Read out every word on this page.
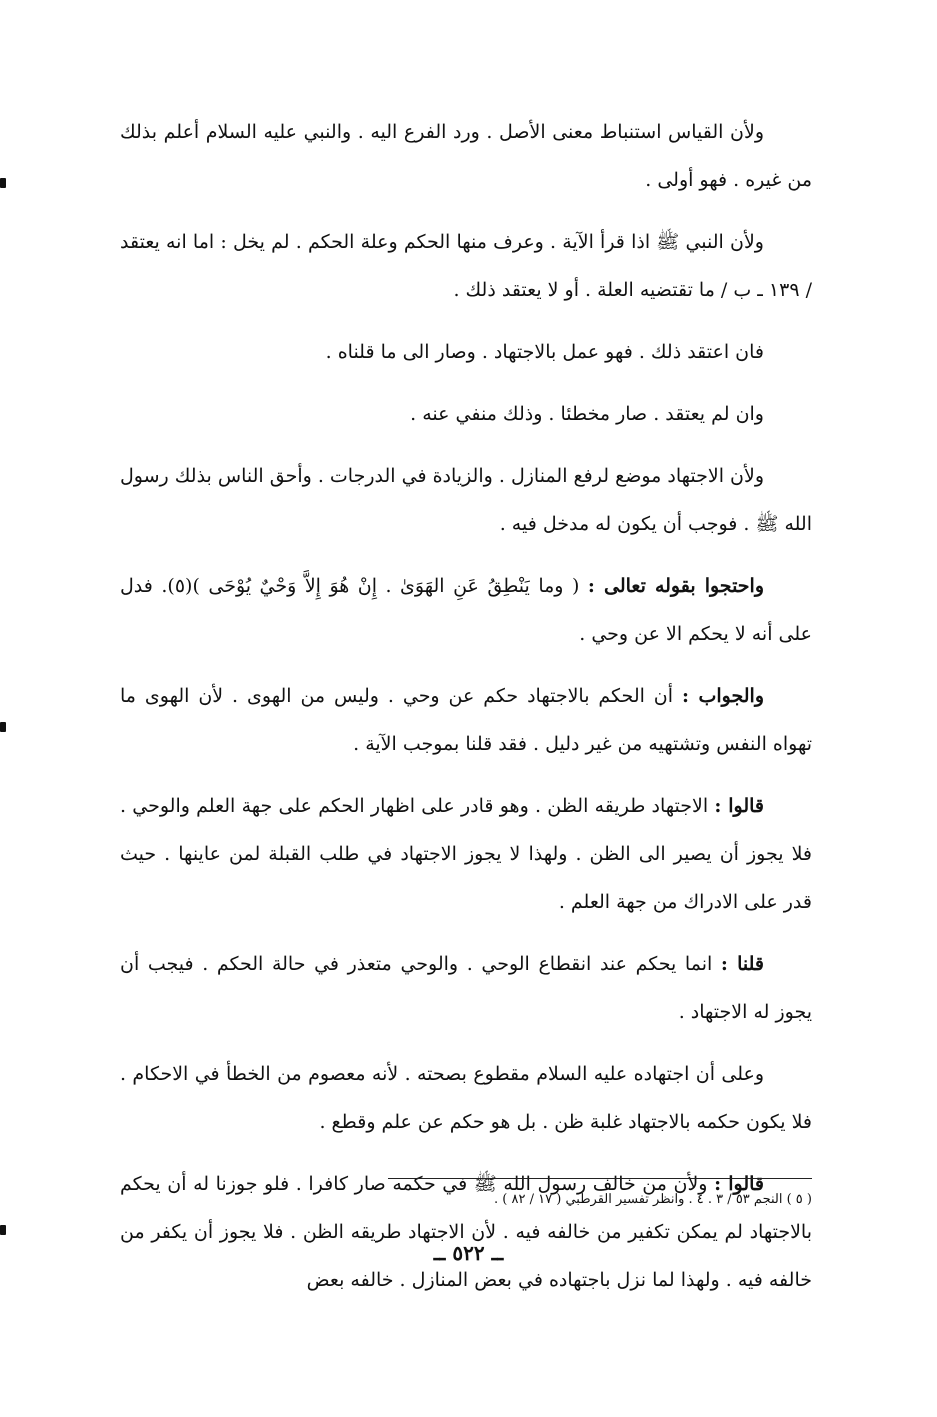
ولأن القياس استنباط معنى الأصل . ورد الفرع اليه . والنبي عليه السلام أعلم بذلك من غيره . فهو أولى .

ولأن النبي ﷺ اذا قرأ الآية . وعرف منها الحكم وعلة الحكم . لم يخل : اما انه يعتقد / ١٣٩ ـ ب / ما تقتضيه العلة . أو لا يعتقد ذلك .

فان اعتقد ذلك . فهو عمل بالاجتهاد . وصار الى ما قلناه .

وان لم يعتقد . صار مخطئا . وذلك منفي عنه .

ولأن الاجتهاد موضع لرفع المنازل . والزيادة في الدرجات . وأحق الناس بذلك رسول الله ﷺ . فوجب أن يكون له مدخل فيه .

واحتجوا بقوله تعالى : ( وما يَنْطِقُ عَنِ الهَوَىٰ . إِنْ هُوَ إِلاَّ وَحْيٌ يُوْحَى )(٥). فدل على أنه لا يحكم الا عن وحي .

والجواب : أن الحكم بالاجتهاد حكم عن وحي . وليس من الهوى . لأن الهوى ما تهواه النفس وتشتهيه من غير دليل . فقد قلنا بموجب الآية .

قالوا : الاجتهاد طريقه الظن . وهو قادر على اظهار الحكم على جهة العلم والوحي . فلا يجوز أن يصير الى الظن . ولهذا لا يجوز الاجتهاد في طلب القبلة لمن عاينها . حيث قدر على الادراك من جهة العلم .

قلنا : انما يحكم عند انقطاع الوحي . والوحي متعذر في حالة الحكم . فيجب أن يجوز له الاجتهاد .

وعلى أن اجتهاده عليه السلام مقطوع بصحته . لأنه معصوم من الخطأ في الاحكام . فلا يكون حكمه بالاجتهاد غلبة ظن . بل هو حكم عن علم وقطع .

قالوا : ولأن من خالف رسول الله ﷺ في حكمه صار كافرا . فلو جوزنا له أن يحكم بالاجتهاد لم يمكن تكفير من خالفه فيه . لأن الاجتهاد طريقه الظن . فلا يجوز أن يكفر من خالفه فيه . ولهذا لما نزل باجتهاده في بعض المنازل . خالفه بعض

( ٥ ) النجم ٥٣ / ٣ . ٤ . وانظر تفسير القرطبي ( ١٧ / ٨٢ ) .
ــ ٥٢٢ ــ
